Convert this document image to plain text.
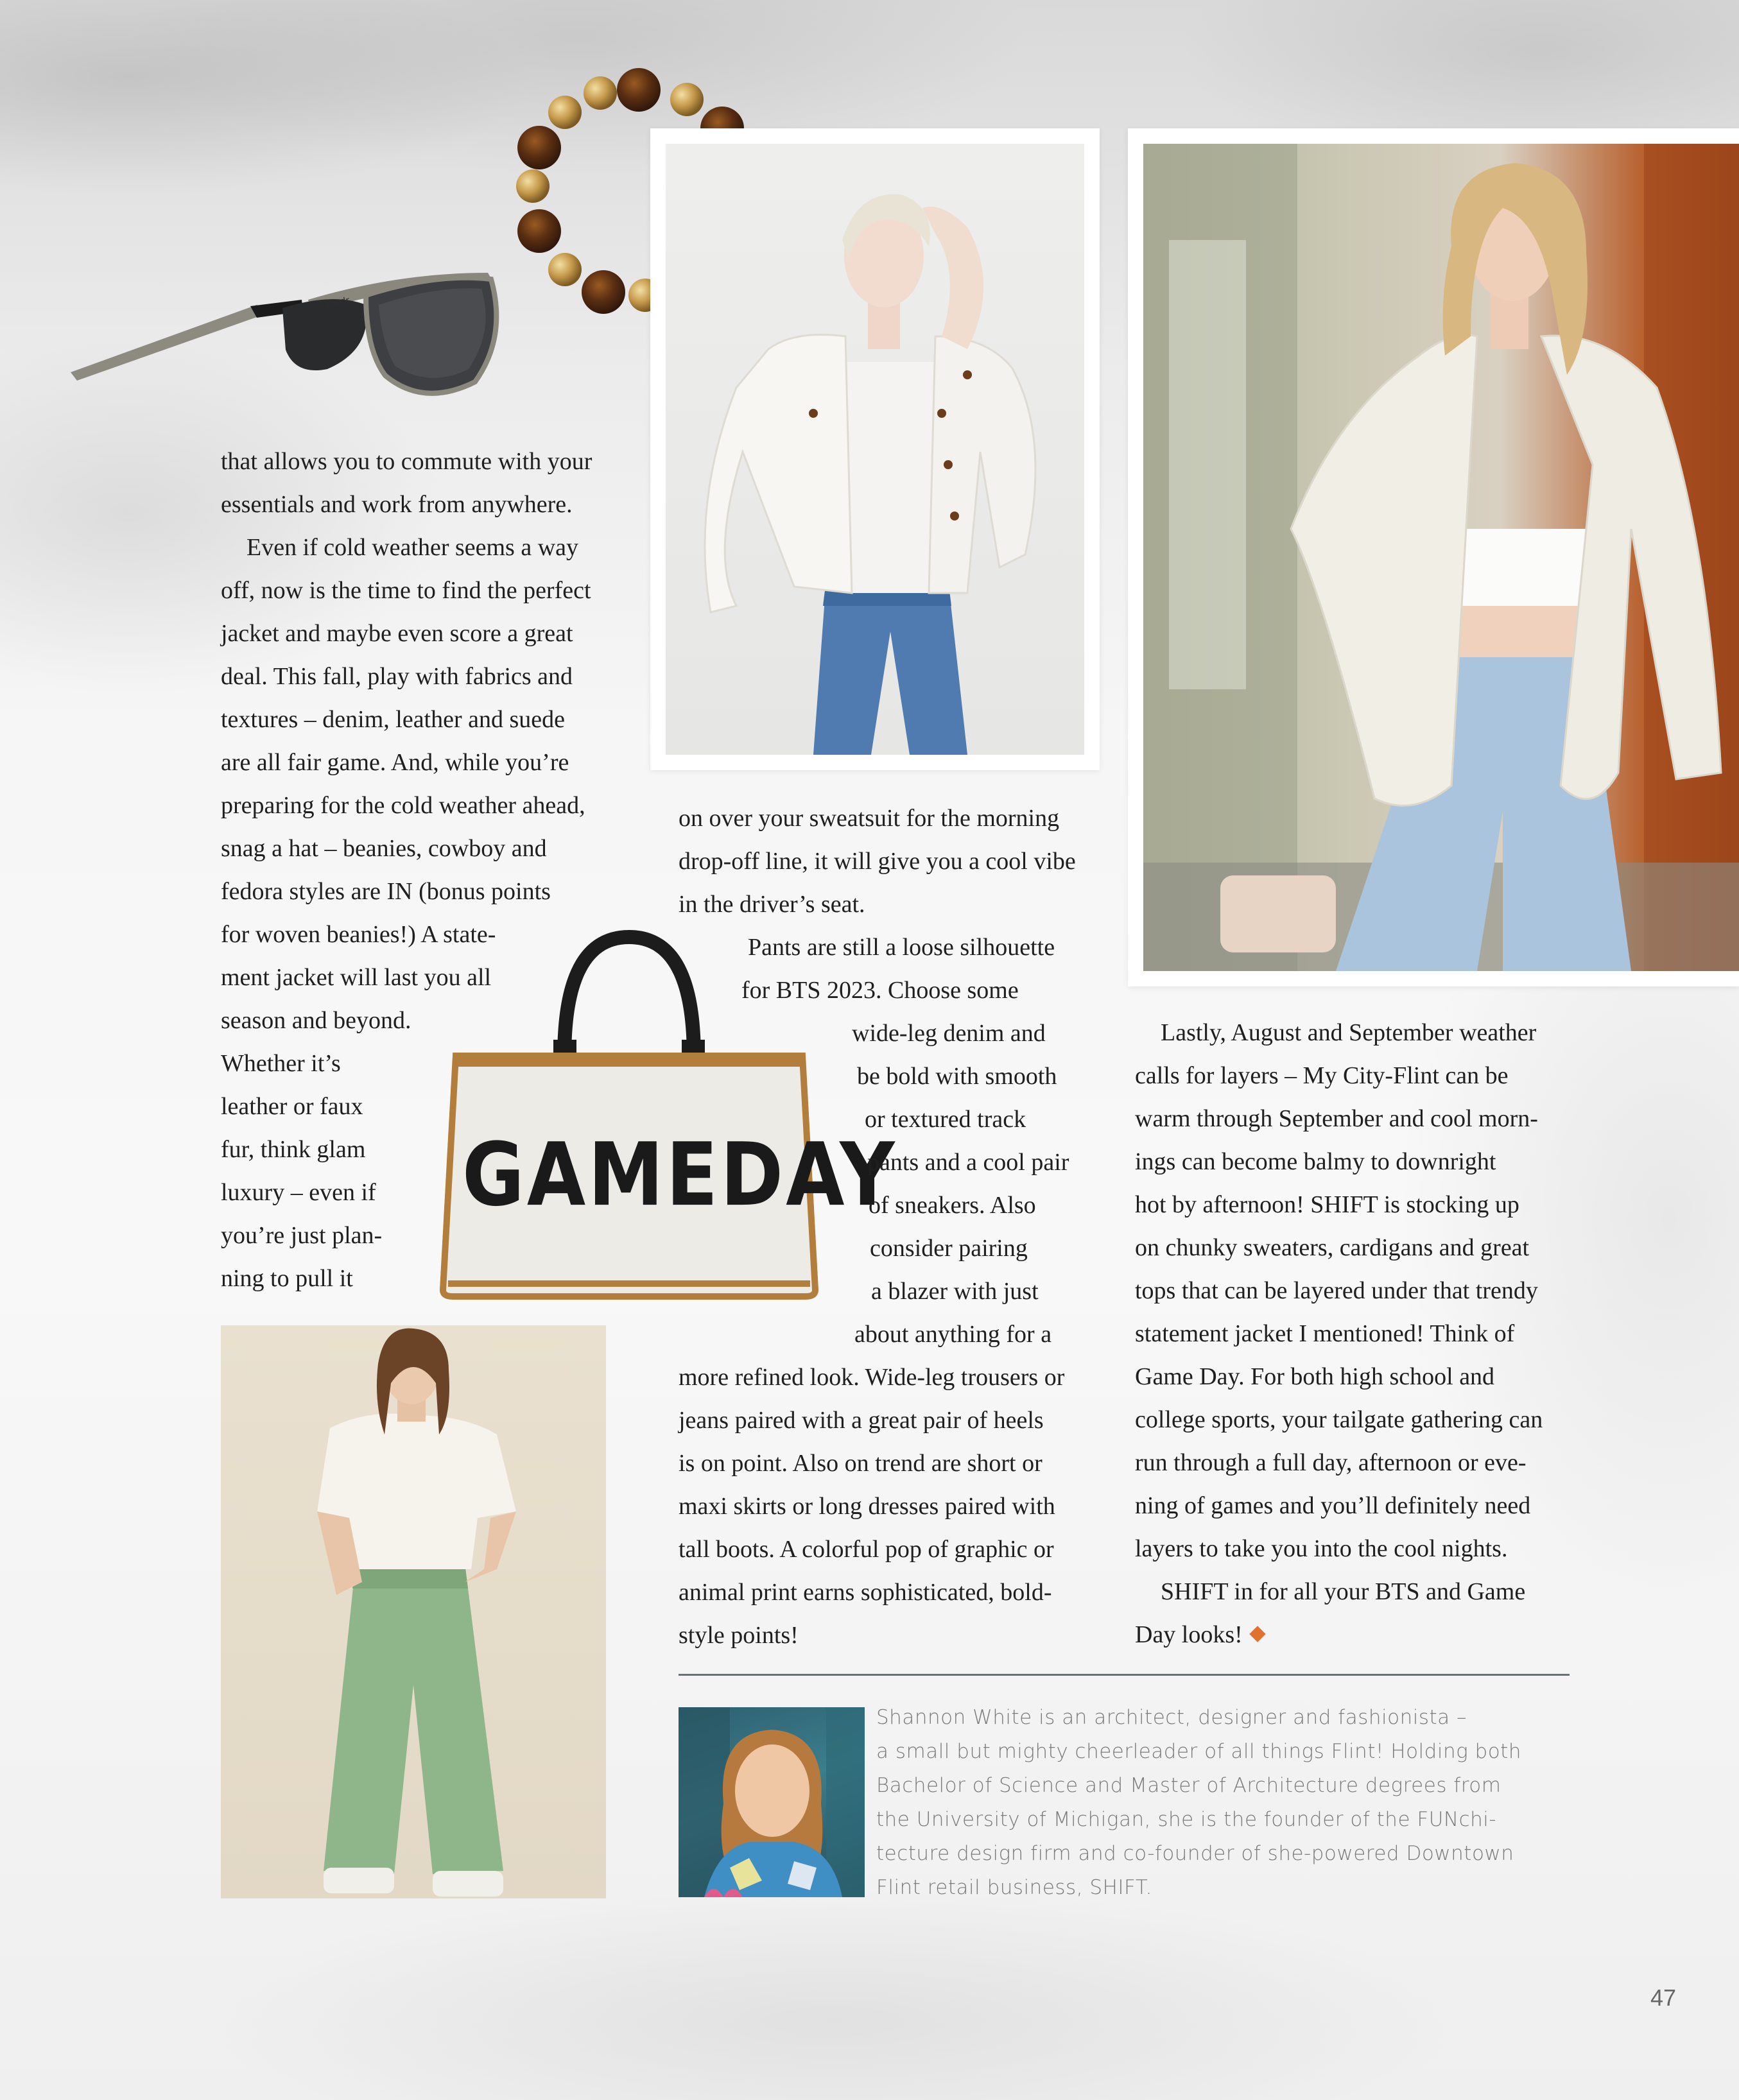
goodr
that allows you to commute with your
essentials and work from anywhere.
Even if cold weather seems a way
off, now is the time to find the perfect
jacket and maybe even score a great
deal. This fall, play with fabrics and
textures – denim, leather and suede
are all fair game. And, while you’re
preparing for the cold weather ahead,
snag a hat – beanies, cowboy and
fedora styles are IN (bonus points
for woven beanies!) A state-
ment jacket will last you all
season and beyond.
Whether it’s
leather or faux
fur, think glam
luxury – even if
you’re just plan-
ning to pull it
GAMEDAY
on over your sweatsuit for the morning
drop-off line, it will give you a cool vibe
in the driver’s seat.
Pants are still a loose silhouette
for BTS 2023. Choose some
wide-leg denim and
be bold with smooth
or textured track
pants and a cool pair
of sneakers. Also
consider pairing
a blazer with just
about anything for a
more refined look. Wide-leg trousers or
jeans paired with a great pair of heels
is on point. Also on trend are short or
maxi skirts or long dresses paired with
tall boots. A colorful pop of graphic or
animal print earns sophisticated, bold-
style points!
Lastly, August and September weather
calls for layers – My City-Flint can be
warm through September and cool morn-
ings can become balmy to downright
hot by afternoon! SHIFT is stocking up
on chunky sweaters, cardigans and great
tops that can be layered under that trendy
statement jacket I mentioned! Think of
Game Day. For both high school and
college sports, your tailgate gathering can
run through a full day, afternoon or eve-
ning of games and you’ll definitely need
layers to take you into the cool nights.
SHIFT in for all your BTS and Game
Day looks!
Shannon White is an architect, designer and fashionista –
a small but mighty cheerleader of all things Flint! Holding both
Bachelor of Science and Master of Architecture degrees from
the University of Michigan, she is the founder of the FUNchi-
tecture design firm and co-founder of she-powered Downtown
Flint retail business, SHIFT.
47
